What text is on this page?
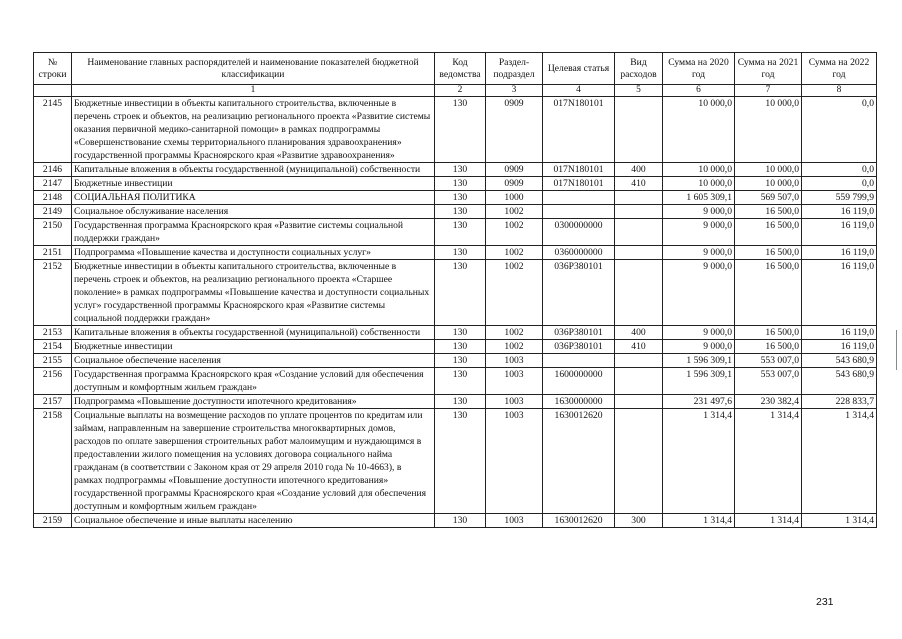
№ строки	Наименование главных распорядителей и наименование показателей бюджетной классификации	Код ведомства	Раздел-подраздел	Целевая статья	Вид расходов	Сумма на 2020 год	Сумма на 2021 год	Сумма на 2022 год
	1	2	3	4	5	6	7	8
2145	Бюджетные инвестиции в объекты капитального строительства, включенные в перечень строек и объектов, на реализацию регионального проекта «Развитие системы оказания первичной медико-санитарной помощи» в рамках подпрограммы «Совершенствование схемы территориального планирования здравоохранения» государственной программы Красноярского края «Развитие здравоохранения»	130	0909	017N180101		10 000,0	10 000,0	0,0
2146	Капитальные вложения в объекты государственной (муниципальной) собственности	130	0909	017N180101	400	10 000,0	10 000,0	0,0
2147	Бюджетные инвестиции	130	0909	017N180101	410	10 000,0	10 000,0	0,0
2148	СОЦИАЛЬНАЯ ПОЛИТИКА	130	1000			1 605 309,1	569 507,0	559 799,9
2149	Социальное обслуживание населения	130	1002			9 000,0	16 500,0	16 119,0
2150	Государственная программа Красноярского края «Развитие системы социальной поддержки граждан»	130	1002	0300000000		9 000,0	16 500,0	16 119,0
2151	Подпрограмма «Повышение качества и доступности социальных услуг»	130	1002	0360000000		9 000,0	16 500,0	16 119,0
2152	Бюджетные инвестиции в объекты капитального строительства, включенные в перечень строек и объектов, на реализацию регионального проекта «Старшее поколение» в рамках подпрограммы «Повышение качества и доступности социальных услуг» государственной программы Красноярского края «Развитие системы социальной поддержки граждан»	130	1002	036P380101		9 000,0	16 500,0	16 119,0
2153	Капитальные вложения в объекты государственной (муниципальной) собственности	130	1002	036P380101	400	9 000,0	16 500,0	16 119,0
2154	Бюджетные инвестиции	130	1002	036P380101	410	9 000,0	16 500,0	16 119,0
2155	Социальное обеспечение населения	130	1003			1 596 309,1	553 007,0	543 680,9
2156	Государственная программа Красноярского края «Создание условий для обеспечения доступным и комфортным жильем граждан»	130	1003	1600000000		1 596 309,1	553 007,0	543 680,9
2157	Подпрограмма «Повышение доступности ипотечного кредитования»	130	1003	1630000000		231 497,6	230 382,4	228 833,7
2158	Социальные выплаты на возмещение расходов по уплате процентов по кредитам или займам, направленным на завершение строительства многоквартирных домов, расходов по оплате завершения строительных работ малоимущим и нуждающимся в предоставлении жилого помещения на условиях договора социального найма гражданам (в соответствии с Законом края от 29 апреля 2010 года № 10-4663), в рамках подпрограммы «Повышение доступности ипотечного кредитования» государственной программы Красноярского края «Создание условий для обеспечения доступным и комфортным жильем граждан»	130	1003	1630012620		1 314,4	1 314,4	1 314,4
2159	Социальное обеспечение и иные выплаты населению	130	1003	1630012620	300	1 314,4	1 314,4	1 314,4
231
